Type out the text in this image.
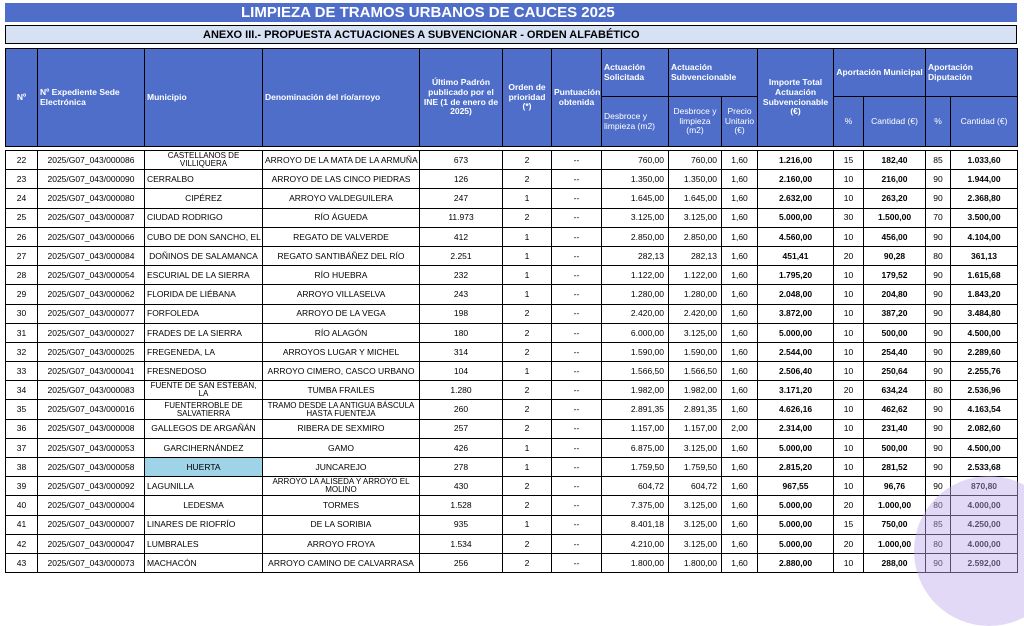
LIMPIEZA DE TRAMOS URBANOS DE CAUCES 2025
ANEXO III.- PROPUESTA ACTUACIONES A SUBVENCIONAR - ORDEN ALFABÉTICO
Nº	Nº Expediente Sede Electrónica	Municipio	Denominación del río/arroyo	Último Padrón publicado por el INE (1 de enero de 2025)	Orden de prioridad (*)	Puntuación obtenida	Actuación Solicitada	Actuación Subvencionable		Importe Total Actuación Subvencionable (€)	Aportación Municipal		Aportación Diputación	
							Desbroce y limpieza (m2)	Desbroce y limpieza (m2)	Precio Unitario (€)		%	Cantidad (€)	%	Cantidad (€)

22	2025/G07_043/000086	CASTELLANOS DE VILLIQUERA	ARROYO DE LA MATA DE LA ARMUÑA	673	2	--	760,00	760,00	1,60	1.216,00	15	182,40	85	1.033,60
23	2025/G07_043/000090	CERRALBO	ARROYO DE LAS CINCO PIEDRAS	126	2	--	1.350,00	1.350,00	1,60	2.160,00	10	216,00	90	1.944,00
24	2025/G07_043/000080	CIPÉREZ	ARROYO VALDEGUILERA	247	1	--	1.645,00	1.645,00	1,60	2.632,00	10	263,20	90	2.368,80
25	2025/G07_043/000087	CIUDAD RODRIGO	RÍO ÁGUEDA	11.973	2	--	3.125,00	3.125,00	1,60	5.000,00	30	1.500,00	70	3.500,00
26	2025/G07_043/000066	CUBO DE DON SANCHO, EL	REGATO DE VALVERDE	412	1	--	2.850,00	2.850,00	1,60	4.560,00	10	456,00	90	4.104,00
27	2025/G07_043/000084	DOÑINOS DE SALAMANCA	REGATO SANTIBÁÑEZ DEL RÍO	2.251	1	--	282,13	282,13	1,60	451,41	20	90,28	80	361,13
28	2025/G07_043/000054	ESCURIAL DE LA SIERRA	RÍO HUEBRA	232	1	--	1.122,00	1.122,00	1,60	1.795,20	10	179,52	90	1.615,68
29	2025/G07_043/000062	FLORIDA DE LIÉBANA	ARROYO VILLASELVA	243	1	--	1.280,00	1.280,00	1,60	2.048,00	10	204,80	90	1.843,20
30	2025/G07_043/000077	FORFOLEDA	ARROYO DE LA VEGA	198	2	--	2.420,00	2.420,00	1,60	3.872,00	10	387,20	90	3.484,80
31	2025/G07_043/000027	FRADES DE LA SIERRA	RÍO ALAGÓN	180	2	--	6.000,00	3.125,00	1,60	5.000,00	10	500,00	90	4.500,00
32	2025/G07_043/000025	FREGENEDA, LA	ARROYOS LUGAR Y MICHEL	314	2	--	1.590,00	1.590,00	1,60	2.544,00	10	254,40	90	2.289,60
33	2025/G07_043/000041	FRESNEDOSO	ARROYO CIMERO, CASCO URBANO	104	1	--	1.566,50	1.566,50	1,60	2.506,40	10	250,64	90	2.255,76
34	2025/G07_043/000083	FUENTE DE SAN ESTEBAN, LA	TUMBA FRAILES	1.280	2	--	1.982,00	1.982,00	1,60	3.171,20	20	634,24	80	2.536,96
35	2025/G07_043/000016	FUENTERROBLE DE SALVATIERRA	TRAMO DESDE LA ANTIGUA BÁSCULA HASTA FUENTEJA	260	2	--	2.891,35	2.891,35	1,60	4.626,16	10	462,62	90	4.163,54
36	2025/G07_043/000008	GALLEGOS DE ARGAÑÁN	RIBERA DE SEXMIRO	257	2	--	1.157,00	1.157,00	2,00	2.314,00	10	231,40	90	2.082,60
37	2025/G07_043/000053	GARCIHERNÁNDEZ	GAMO	426	1	--	6.875,00	3.125,00	1,60	5.000,00	10	500,00	90	4.500,00
38	2025/G07_043/000058	HUERTA	JUNCAREJO	278	1	--	1.759,50	1.759,50	1,60	2.815,20	10	281,52	90	2.533,68
39	2025/G07_043/000092	LAGUNILLA	ARROYO LA ALISEDA Y ARROYO EL MOLINO	430	2	--	604,72	604,72	1,60	967,55	10	96,76	90	870,80
40	2025/G07_043/000004	LEDESMA	TORMES	1.528	2	--	7.375,00	3.125,00	1,60	5.000,00	20	1.000,00	80	4.000,00
41	2025/G07_043/000007	LINARES DE RIOFRÍO	DE LA SORIBIA	935	1	--	8.401,18	3.125,00	1,60	5.000,00	15	750,00	85	4.250,00
42	2025/G07_043/000047	LUMBRALES	ARROYO FROYA	1.534	2	--	4.210,00	3.125,00	1,60	5.000,00	20	1.000,00	80	4.000,00
43	2025/G07_043/000073	MACHACÓN	ARROYO CAMINO DE CALVARRASA	256	2	--	1.800,00	1.800,00	1,60	2.880,00	10	288,00	90	2.592,00
